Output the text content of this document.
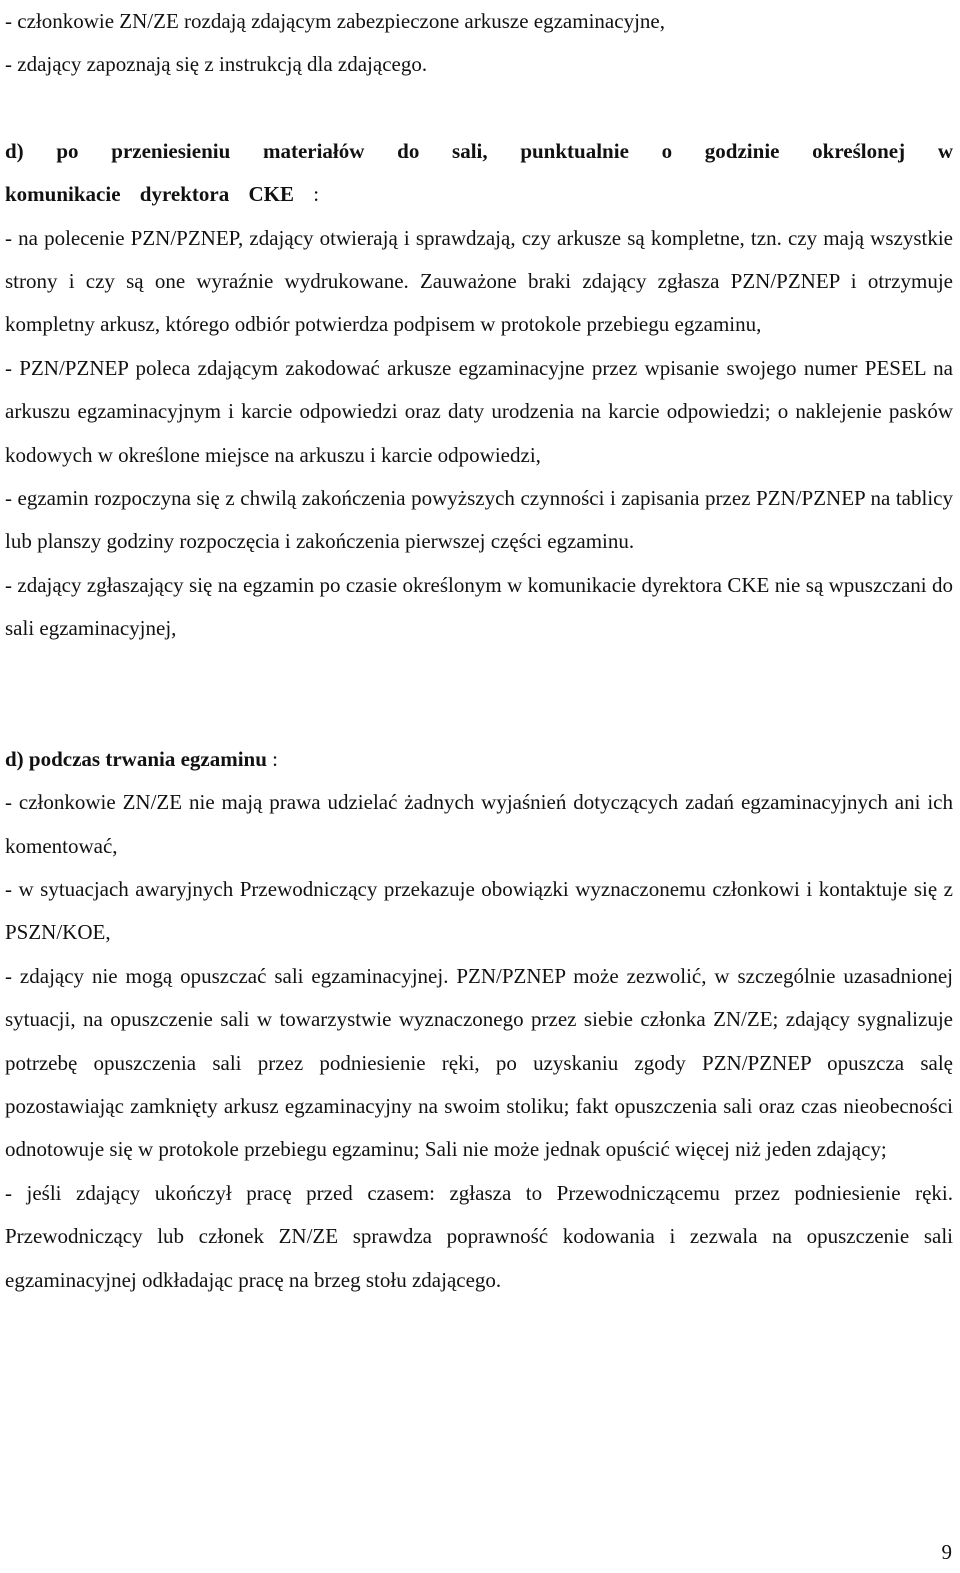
- członkowie ZN/ZE rozdają zdającym zabezpieczone arkusze egzaminacyjne,

- zdający zapoznają się z instrukcją dla zdającego.

d) po przeniesieniu materiałów do sali, punktualnie o godzinie określonej w komunikacie dyrektora CKE :

- na polecenie PZN/PZNEP, zdający otwierają i sprawdzają, czy arkusze są kompletne, tzn. czy mają wszystkie strony i czy są one wyraźnie wydrukowane. Zauważone braki zdający zgłasza PZN/PZNEP i otrzymuje kompletny arkusz, którego odbiór potwierdza podpisem w protokole przebiegu egzaminu,

- PZN/PZNEP poleca zdającym zakodować arkusze egzaminacyjne przez wpisanie swojego numer PESEL na arkuszu egzaminacyjnym i karcie odpowiedzi oraz daty urodzenia na karcie odpowiedzi; o naklejenie pasków kodowych w określone miejsce na arkuszu i karcie odpowiedzi,

- egzamin rozpoczyna się z chwilą zakończenia powyższych czynności i zapisania przez PZN/PZNEP na tablicy lub planszy godziny rozpoczęcia i zakończenia pierwszej części egzaminu.

- zdający zgłaszający się na egzamin po czasie określonym w komunikacie dyrektora CKE nie są wpuszczani do sali egzaminacyjnej,

d) podczas trwania egzaminu :

- członkowie ZN/ZE nie mają prawa udzielać żadnych wyjaśnień dotyczących zadań egzaminacyjnych ani ich komentować,

- w sytuacjach awaryjnych Przewodniczący przekazuje obowiązki wyznaczonemu członkowi i kontaktuje się z PSZN/KOE,

- zdający nie mogą opuszczać sali egzaminacyjnej. PZN/PZNEP może zezwolić, w szczególnie uzasadnionej sytuacji, na opuszczenie sali w towarzystwie wyznaczonego przez siebie członka ZN/ZE; zdający sygnalizuje potrzebę opuszczenia sali przez podniesienie ręki, po uzyskaniu zgody PZN/PZNEP opuszcza salę pozostawiając zamknięty arkusz egzaminacyjny na swoim stoliku; fakt opuszczenia sali oraz czas nieobecności odnotowuje się w protokole przebiegu egzaminu; Sali nie może jednak opuścić więcej niż jeden zdający;

- jeśli zdający ukończył pracę przed czasem: zgłasza to Przewodniczącemu przez podniesienie ręki. Przewodniczący lub członek ZN/ZE sprawdza poprawność kodowania i zezwala na opuszczenie sali egzaminacyjnej odkładając pracę na brzeg stołu zdającego.

9
